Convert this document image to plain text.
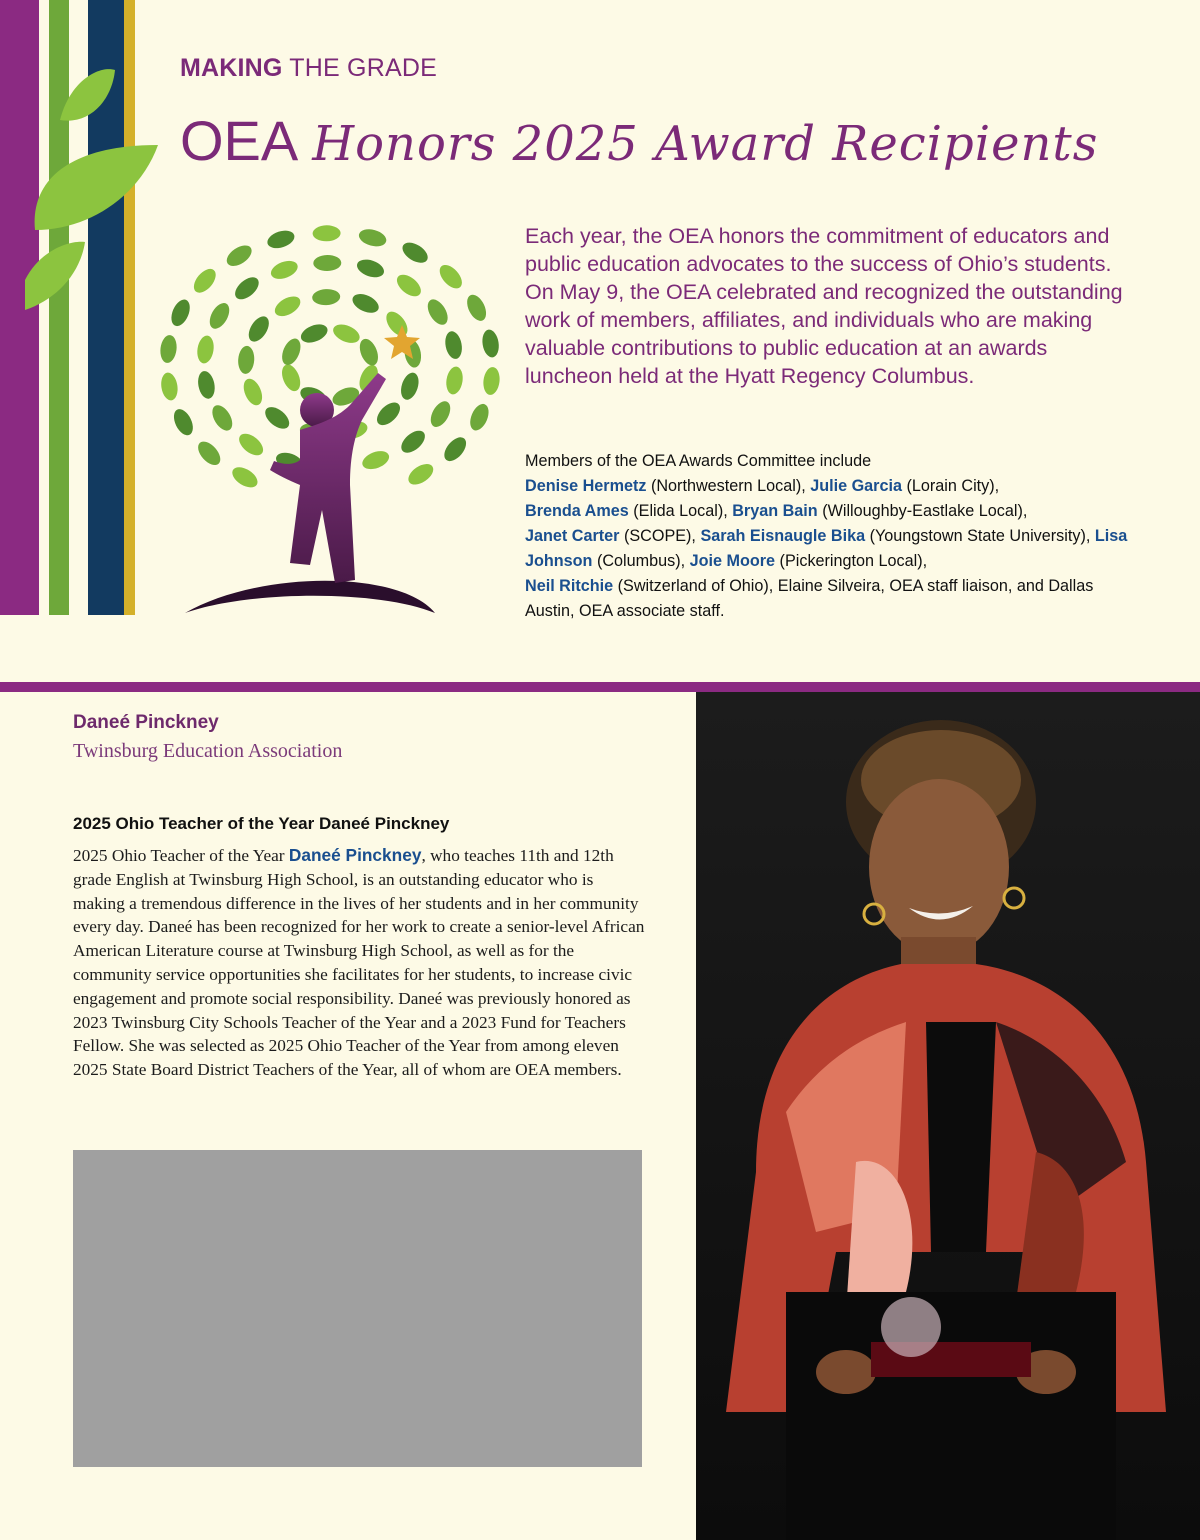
MAKING THE GRADE
OEA Honors 2025 Award Recipients
Each year, the OEA honors the commitment of educators and public education advocates to the success of Ohio’s students. On May 9, the OEA celebrated and recognized the outstanding work of members, affiliates, and individuals who are making valuable contributions to public education at an awards luncheon held at the Hyatt Regency Columbus.
Members of the OEA Awards Committee include
Denise Hermetz (Northwestern Local), Julie Garcia (Lorain City),
Brenda Ames (Elida Local), Bryan Bain (Willoughby-Eastlake Local),
Janet Carter (SCOPE), Sarah Eisnaugle Bika (Youngstown State University), Lisa Johnson (Columbus), Joie Moore (Pickerington Local),
Neil Ritchie (Switzerland of Ohio), Elaine Silveira, OEA staff liaison, and Dallas Austin, OEA associate staff.
Daneé Pinckney
Twinsburg Education Association
2025 Ohio Teacher of the Year Daneé Pinckney
2025 Ohio Teacher of the Year Daneé Pinckney, who teaches 11th and 12th grade English at Twinsburg High School, is an outstanding educator who is making a tremendous difference in the lives of her students and in her community every day. Daneé has been recognized for her work to create a senior-level African American Literature course at Twinsburg High School, as well as for the community service opportunities she facilitates for her students, to increase civic engagement and promote social responsibility. Daneé was previously honored as 2023 Twinsburg City Schools Teacher of the Year and a 2023 Fund for Teachers Fellow. She was selected as 2025 Ohio Teacher of the Year from among eleven 2025 State Board District Teachers of the Year, all of whom are OEA members.
